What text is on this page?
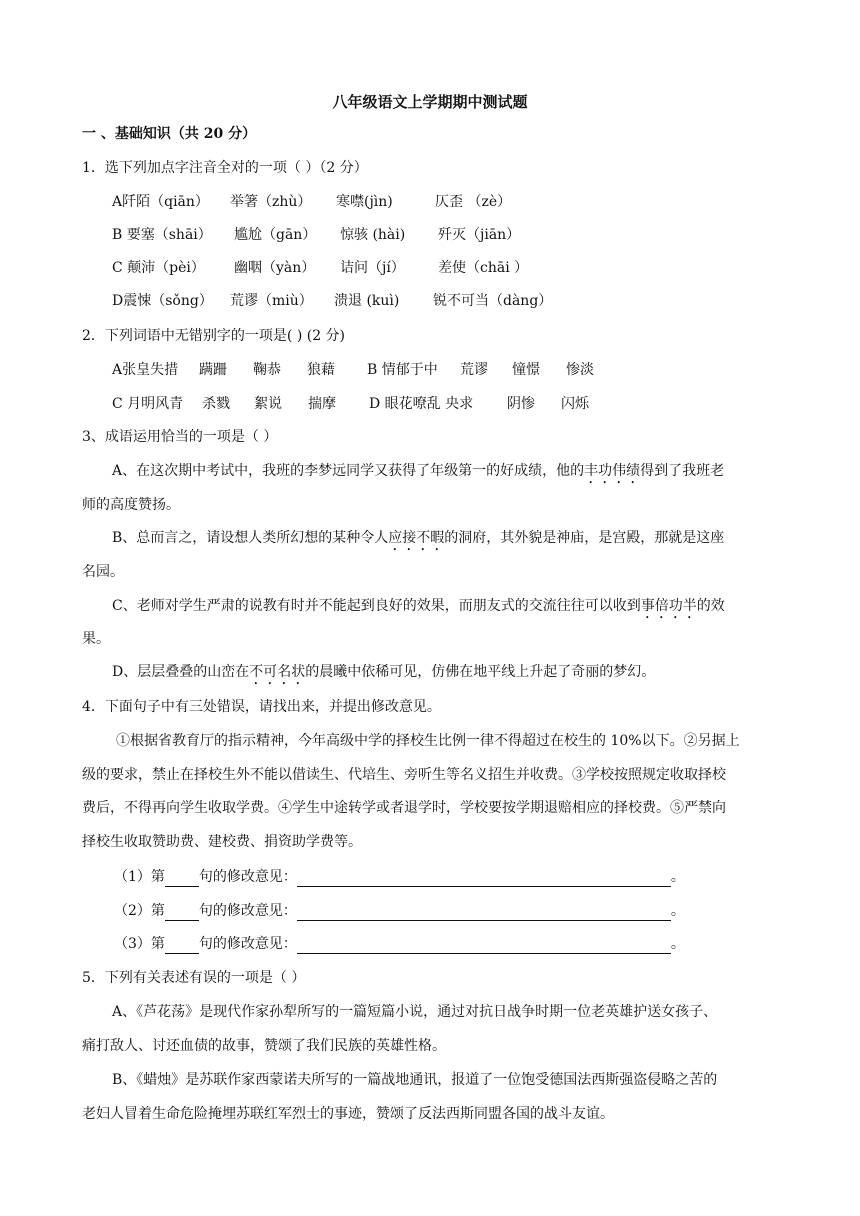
八年级语文上学期期中测试题
一 、基础知识（共 20 分）
1．选下列加点字注音全对的一项（ ）（2 分）
A阡陌（qiān） 举箸（zhù） 寒噤(jìn)	仄歪 （zè）
B 要塞（shāi） 尴尬（gān） 惊骇 (hài) 歼灭（jiān）
C 颠沛（pèi） 幽咽（yàn） 诘问（jí） 差使（chāi ）
D震悚（sǒng） 荒谬（miù） 溃退 (kuì) 锐不可当（dàng）
2．下列词语中无错别字的一项是( ) (2 分)
A张皇失措 蹒跚 鞠恭 狼藉 B 情郁于中 荒谬 憧憬 惨淡
C 月明风青 杀戮 絮说 揣摩 D 眼花嘹乱 央求 阴惨 闪烁
3、成语运用恰当的一项是（ ）
A、在这次期中考试中，我班的李梦远同学又获得了年级第一的好成绩，他的丰功伟绩得到了我班老
师的高度赞扬。
B、总而言之，请设想人类所幻想的某种令人应接不暇的洞府，其外貌是神庙，是宫殿，那就是这座
名园。
C、老师对学生严肃的说教有时并不能起到良好的效果，而朋友式的交流往往可以收到事倍功半的效
果。
D、层层叠叠的山峦在不可名状的晨曦中依稀可见，仿佛在地平线上升起了奇丽的梦幻。
4．下面句子中有三处错误，请找出来，并提出修改意见。
①根据省教育厅的指示精神，今年高级中学的择校生比例一律不得超过在校生的 10%以下。②另据上
级的要求，禁止在择校生外不能以借读生、代培生、旁听生等名义招生并收费。③学校按照规定收取择校
费后，不得再向学生收取学费。④学生中途转学或者退学时，学校要按学期退赔相应的择校费。⑤严禁向
择校生收取赞助费、建校费、捐资助学费等。
（1）第 句的修改意见：	。
（2）第 句的修改意见：	。
（3）第 句的修改意见：	。
5．下列有关表述有误的一项是（ ）
A、《芦花荡》是现代作家孙犁所写的一篇短篇小说，通过对抗日战争时期一位老英雄护送女孩子、
痛打敌人、讨还血债的故事，赞颂了我们民族的英雄性格。
B、《蜡烛》是苏联作家西蒙诺夫所写的一篇战地通讯，报道了一位饱受德国法西斯强盗侵略之苦的
老妇人冒着生命危险掩埋苏联红军烈士的事迹，赞颂了反法西斯同盟各国的战斗友谊。
